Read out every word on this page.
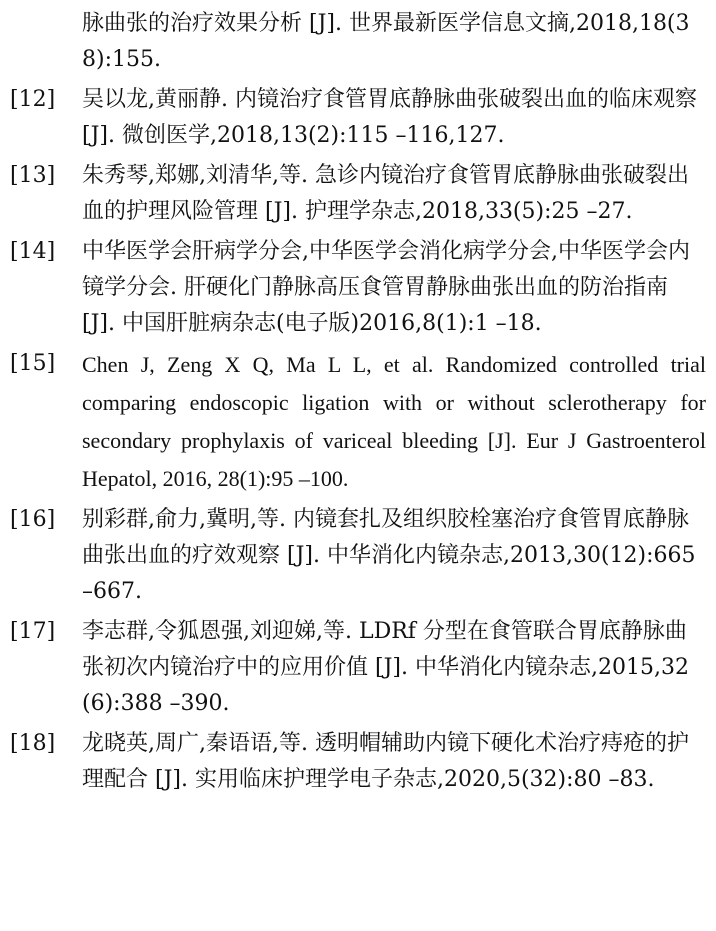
脉曲张的治疗效果分析 [J]. 世界最新医学信息文摘,2018,18(38):155.
[12] 吴以龙,黄丽静. 内镜治疗食管胃底静脉曲张破裂出血的临床观察 [J]. 微创医学,2018,13(2):115 –116,127.
[13] 朱秀琴,郑娜,刘清华,等. 急诊内镜治疗食管胃底静脉曲张破裂出血的护理风险管理 [J]. 护理学杂志,2018,33(5):25 –27.
[14] 中华医学会肝病学分会,中华医学会消化病学分会,中华医学会内镜学分会. 肝硬化门静脉高压食管胃静脉曲张出血的防治指南 [J]. 中国肝脏病杂志(电子版)2016,8(1):1 –18.
[15] Chen J, Zeng X Q, Ma L L, et al. Randomized controlled trial comparing endoscopic ligation with or without sclerotherapy for secondary prophylaxis of variceal bleeding [J]. Eur J Gastroenterol Hepatol, 2016, 28(1):95 –100.
[16] 别彩群,俞力,冀明,等. 内镜套扎及组织胶栓塞治疗食管胃底静脉曲张出血的疗效观察 [J]. 中华消化内镜杂志,2013,30(12):665 –667.
[17] 李志群,令狐恩强,刘迎娣,等. LDRf 分型在食管联合胃底静脉曲张初次内镜治疗中的应用价值 [J]. 中华消化内镜杂志,2015,32(6):388 –390.
[18] 龙晓英,周广,秦语语,等. 透明帽辅助内镜下硬化术治疗痔疮的护理配合 [J]. 实用临床护理学电子杂志,2020,5(32):80 –83.
